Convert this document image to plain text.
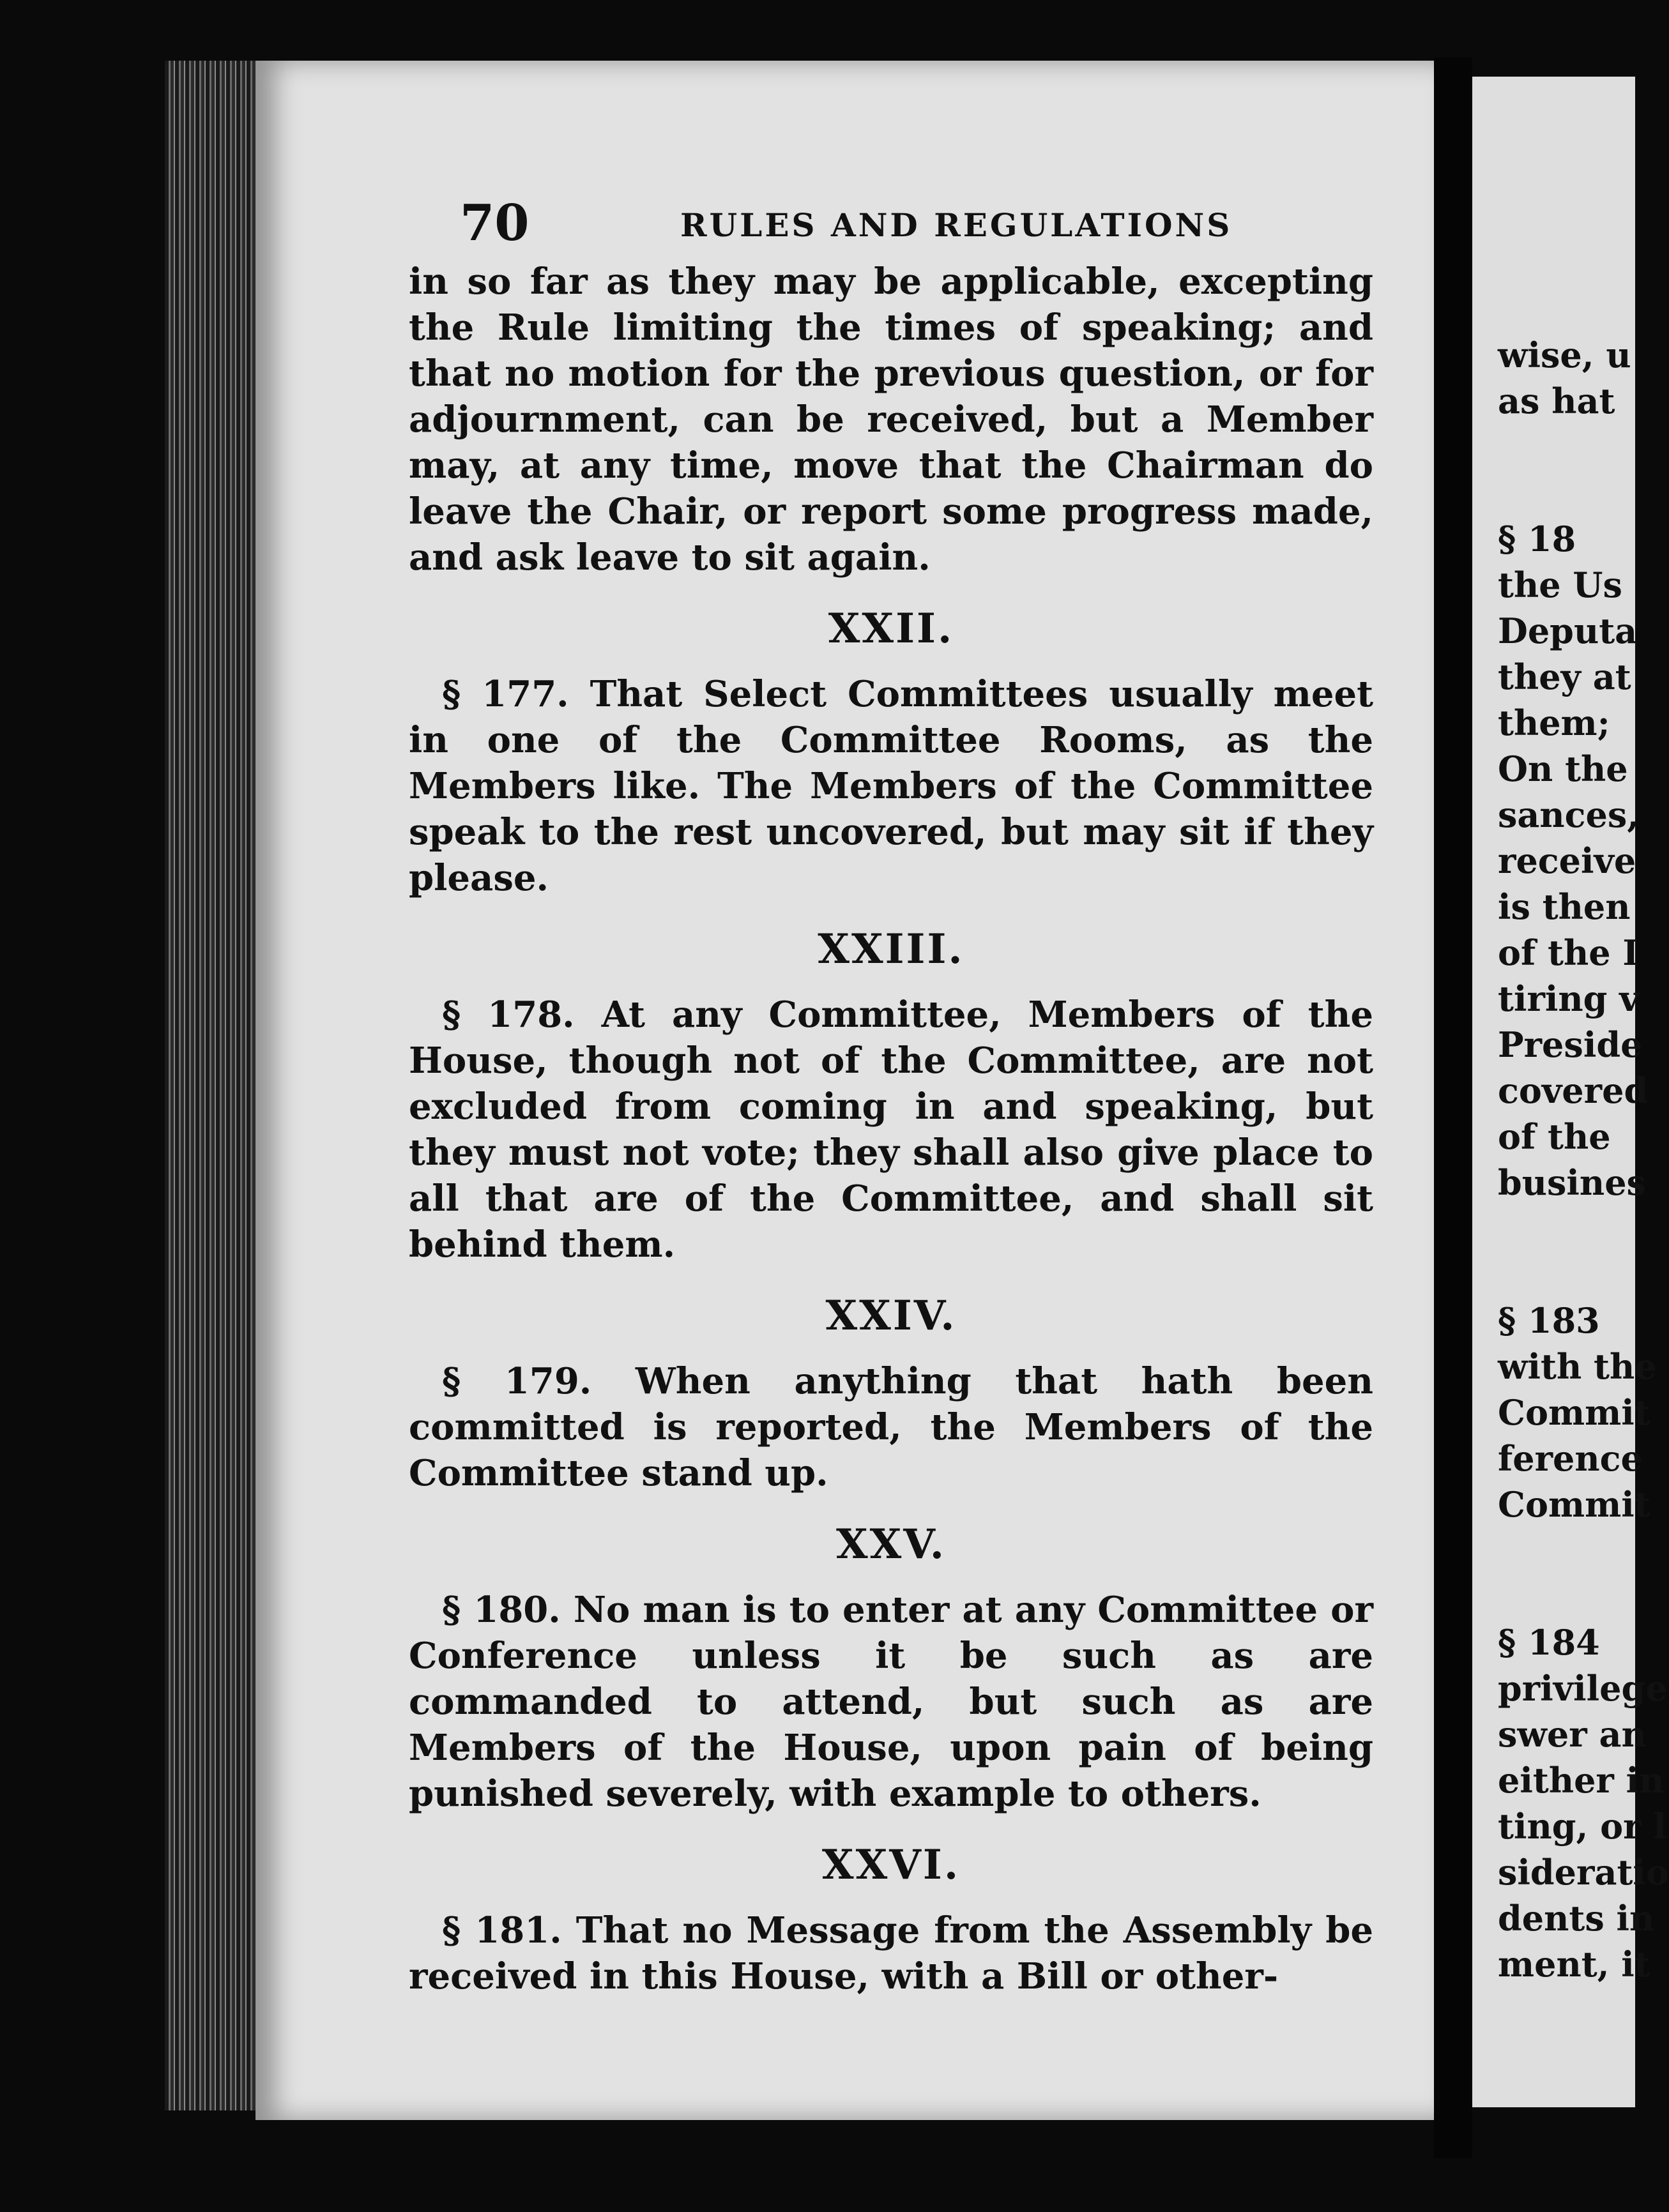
70	RULES AND REGULATIONS

in so far as they may be applicable, excepting the Rule limiting the times of speaking; and that no motion for the previous question, or for adjournment, can be received, but a Member may, at any time, move that the Chairman do leave the Chair, or report some progress made, and ask leave to sit again.

XXII.

§ 177. That Select Committees usually meet in one of the Committee Rooms, as the Members like. The Members of the Committee speak to the rest uncovered, but may sit if they please.

XXIII.

§ 178. At any Committee, Members of the House, though not of the Committee, are not excluded from coming in and speaking, but they must not vote; they shall also give place to all that are of the Committee, and shall sit behind them.

XXIV.

§ 179. When anything that hath been committed is reported, the Members of the Committee stand up.

XXV.

§ 180. No man is to enter at any Committee or Conference unless it be such as are commanded to attend, but such as are Members of the House, upon pain of being punished severely, with example to others.

XXVI.

§ 181. That no Message from the Assembly be received in this House, with a Bill or other-

wise, u
as hat
§ 18
the Us
Deputa
they at
them;
On the
sances,
receive
is then
of the I
tiring v
Preside
covered
of the
busines
§ 183
with the
Commit
ference
Commit
§ 184
privilege
swer an
either in
ting, or l
sideratio
dents in
ment, it
